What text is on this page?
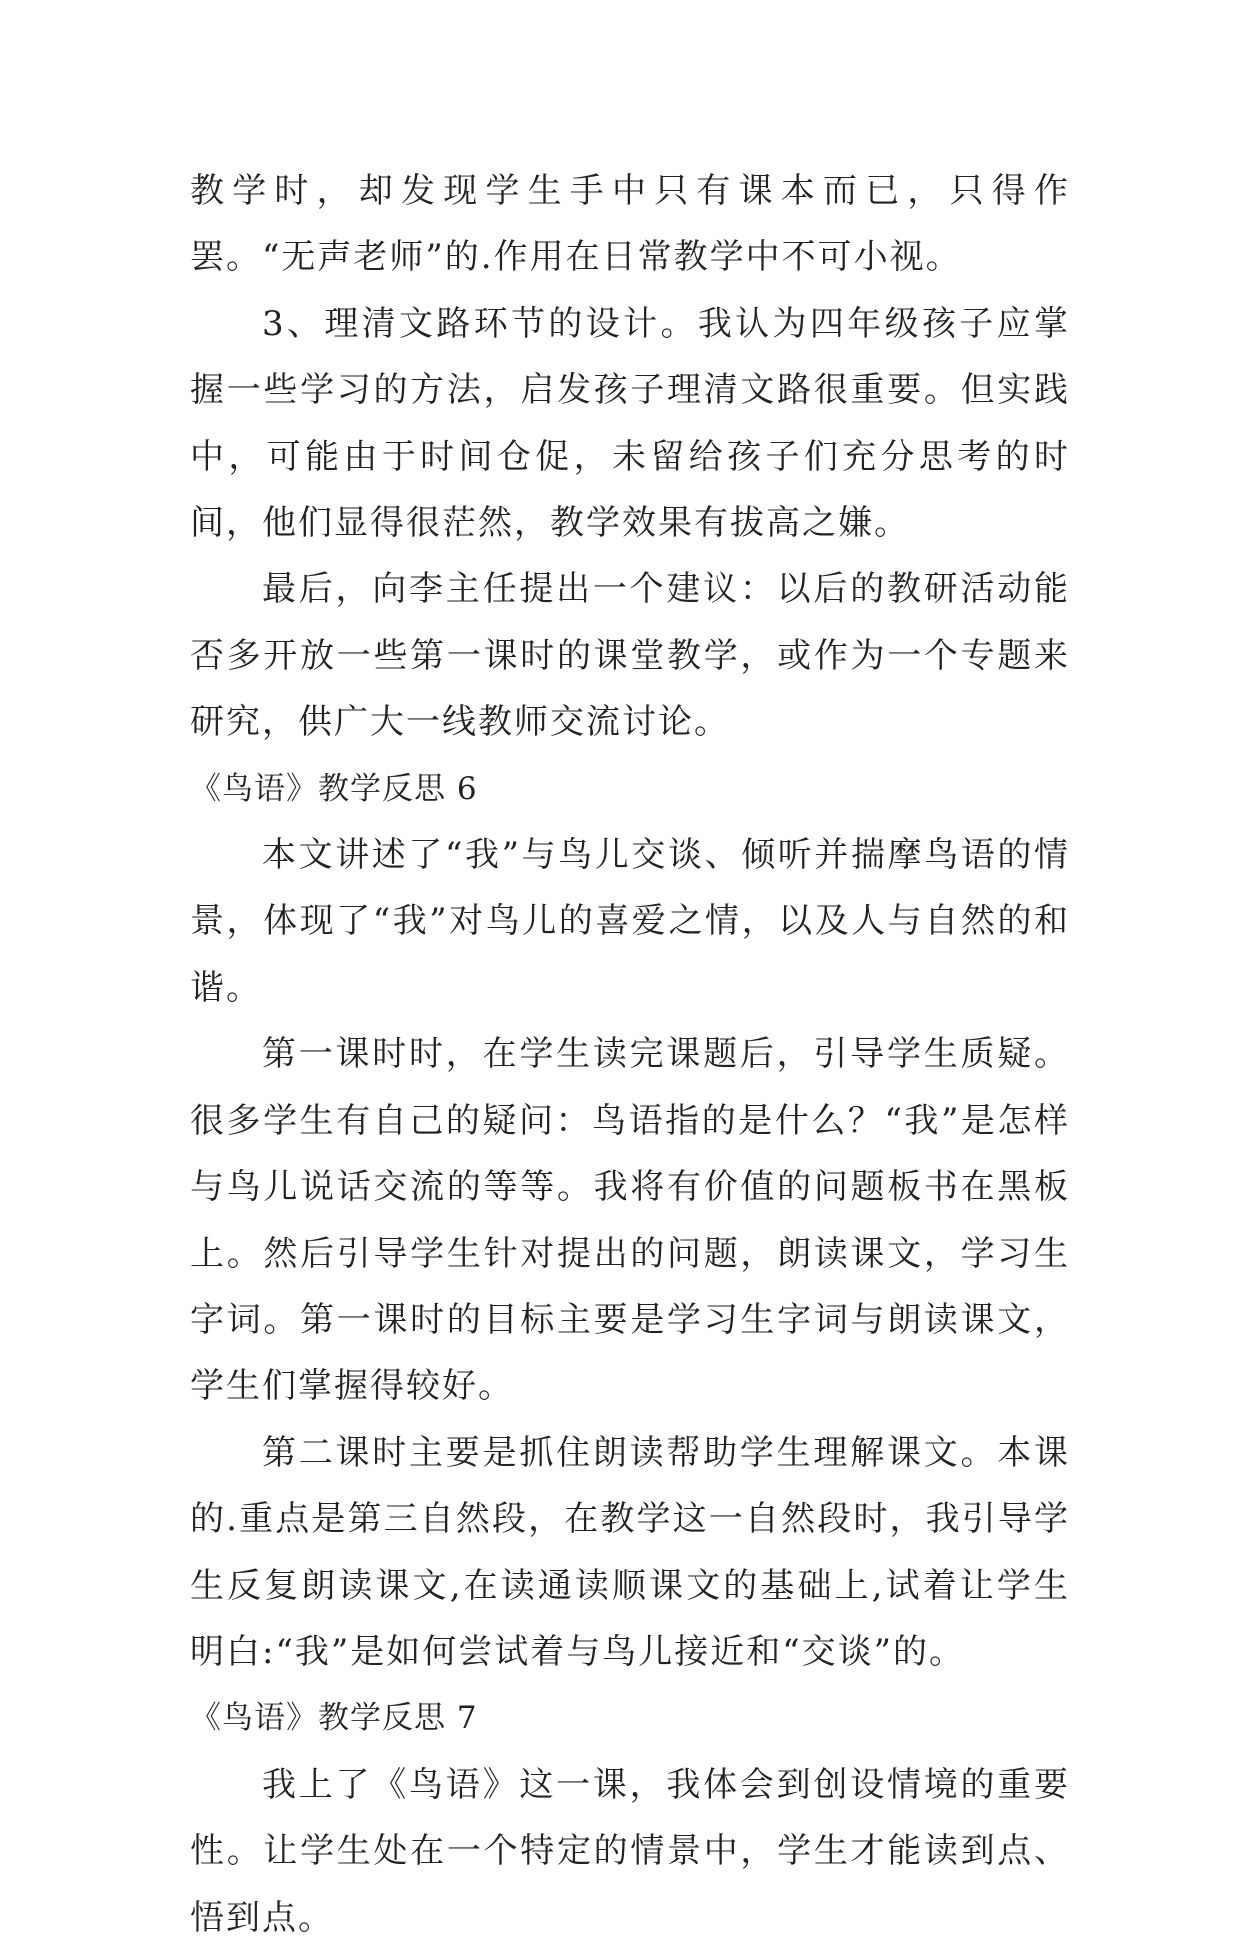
教学时，却发现学生手中只有课本而已，只得作罢。“无声老师”的.作用在日常教学中不可小视。

3、理清文路环节的设计。我认为四年级孩子应掌握一些学习的方法，启发孩子理清文路很重要。但实践中，可能由于时间仓促，未留给孩子们充分思考的时间，他们显得很茫然，教学效果有拔高之嫌。

最后，向李主任提出一个建议：以后的教研活动能否多开放一些第一课时的课堂教学，或作为一个专题来研究，供广大一线教师交流讨论。

《鸟语》教学反思 6

本文讲述了“我”与鸟儿交谈、倾听并揣摩鸟语的情景，体现了“我”对鸟儿的喜爱之情，以及人与自然的和谐。

第一课时时，在学生读完课题后，引导学生质疑。很多学生有自己的疑问：鸟语指的是什么？“我”是怎样与鸟儿说话交流的等等。我将有价值的问题板书在黑板上。然后引导学生针对提出的问题，朗读课文，学习生字词。第一课时的目标主要是学习生字词与朗读课文，学生们掌握得较好。

第二课时主要是抓住朗读帮助学生理解课文。本课的.重点是第三自然段，在教学这一自然段时，我引导学生反复朗读课文,在读通读顺课文的基础上,试着让学生明白:“我”是如何尝试着与鸟儿接近和“交谈”的。

《鸟语》教学反思 7

我上了《鸟语》这一课，我体会到创设情境的重要性。让学生处在一个特定的情景中，学生才能读到点、悟到点。
